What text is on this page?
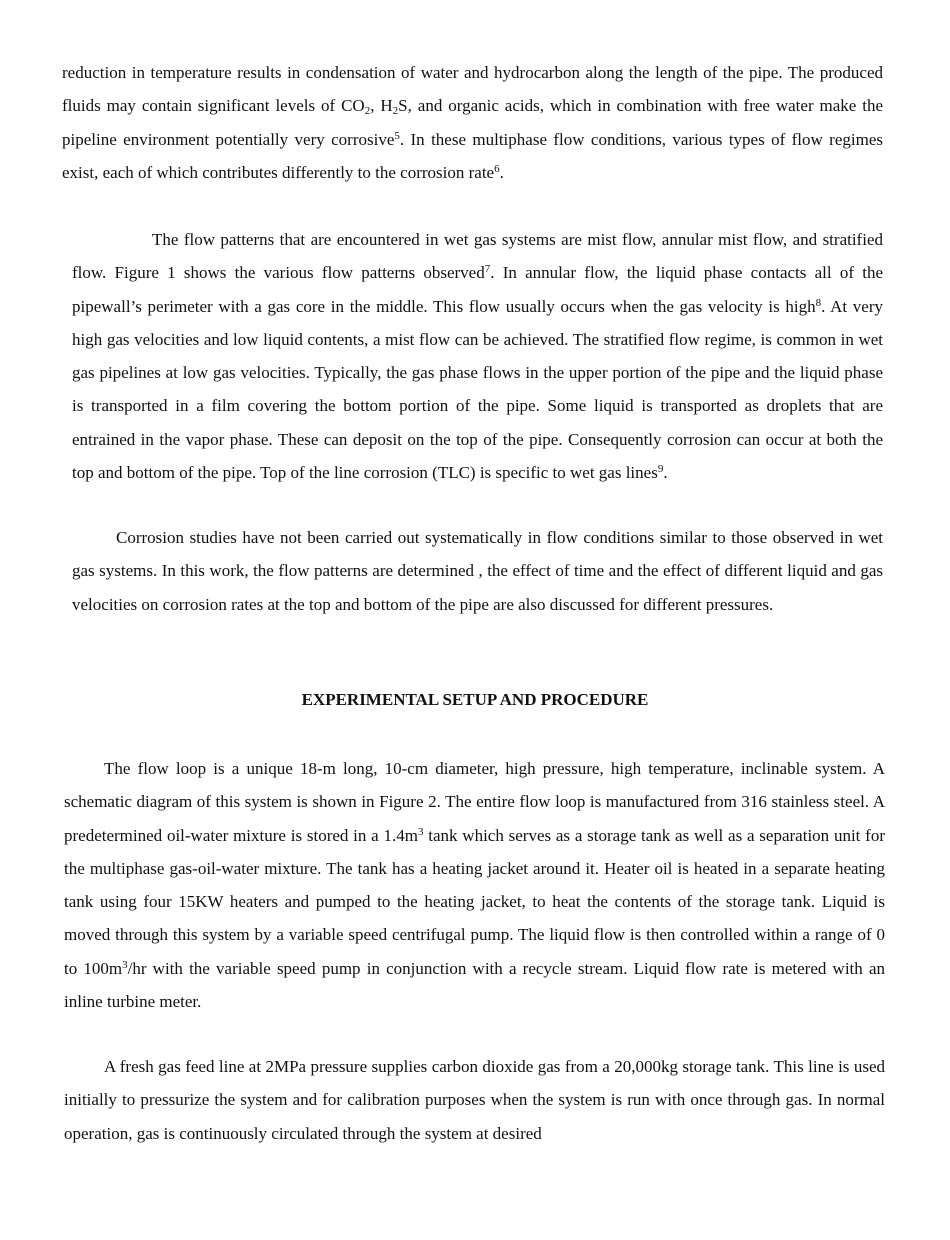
reduction in temperature results in condensation of water and hydrocarbon along the length of the pipe. The produced fluids may contain significant levels of $CO_2$, $H_2S$, and organic acids, which in combination with free water make the pipeline environment potentially very corrosive$^5$. In these multiphase flow conditions, various types of flow regimes exist, each of which contributes differently to the corrosion rate$^6$.

The flow patterns that are encountered in wet gas systems are mist flow, annular mist flow, and stratified flow. Figure 1 shows the various flow patterns observed$^7$. In annular flow, the liquid phase contacts all of the pipewall’s perimeter with a gas core in the middle. This flow usually occurs when the gas velocity is high$^8$. At very high gas velocities and low liquid contents, a mist flow can be achieved. The stratified flow regime, is common in wet gas pipelines at low gas velocities. Typically, the gas phase flows in the upper portion of the pipe and the liquid phase is transported in a film covering the bottom portion of the pipe. Some liquid is transported as droplets that are entrained in the vapor phase. These can deposit on the top of the pipe. Consequently corrosion can occur at both the top and bottom of the pipe. Top of the line corrosion (TLC) is specific to wet gas lines$^9$.

Corrosion studies have not been carried out systematically in flow conditions similar to those observed in wet gas systems. In this work, the flow patterns are determined , the effect of time and the effect of different liquid and gas velocities on corrosion rates at the top and bottom of the pipe are also discussed for different pressures.

EXPERIMENTAL SETUP AND PROCEDURE

The flow loop is a unique 18-m long, 10-cm diameter, high pressure, high temperature, inclinable system. A schematic diagram of this system is shown in Figure 2. The entire flow loop is manufactured from 316 stainless steel. A predetermined oil-water mixture is stored in a $1.4m^3$ tank which serves as a storage tank as well as a separation unit for the multiphase gas-oil-water mixture. The tank has a heating jacket around it. Heater oil is heated in a separate heating tank using four 15KW heaters and pumped to the heating jacket, to heat the contents of the storage tank. Liquid is moved through this system by a variable speed centrifugal pump. The liquid flow is then controlled within a range of 0 to $100m^3/hr$ with the variable speed pump in conjunction with a recycle stream. Liquid flow rate is metered with an inline turbine meter.

A fresh gas feed line at 2MPa pressure supplies carbon dioxide gas from a 20,000kg storage tank. This line is used initially to pressurize the system and for calibration purposes when the system is run with once through gas. In normal operation, gas is continuously circulated through the system at desired
